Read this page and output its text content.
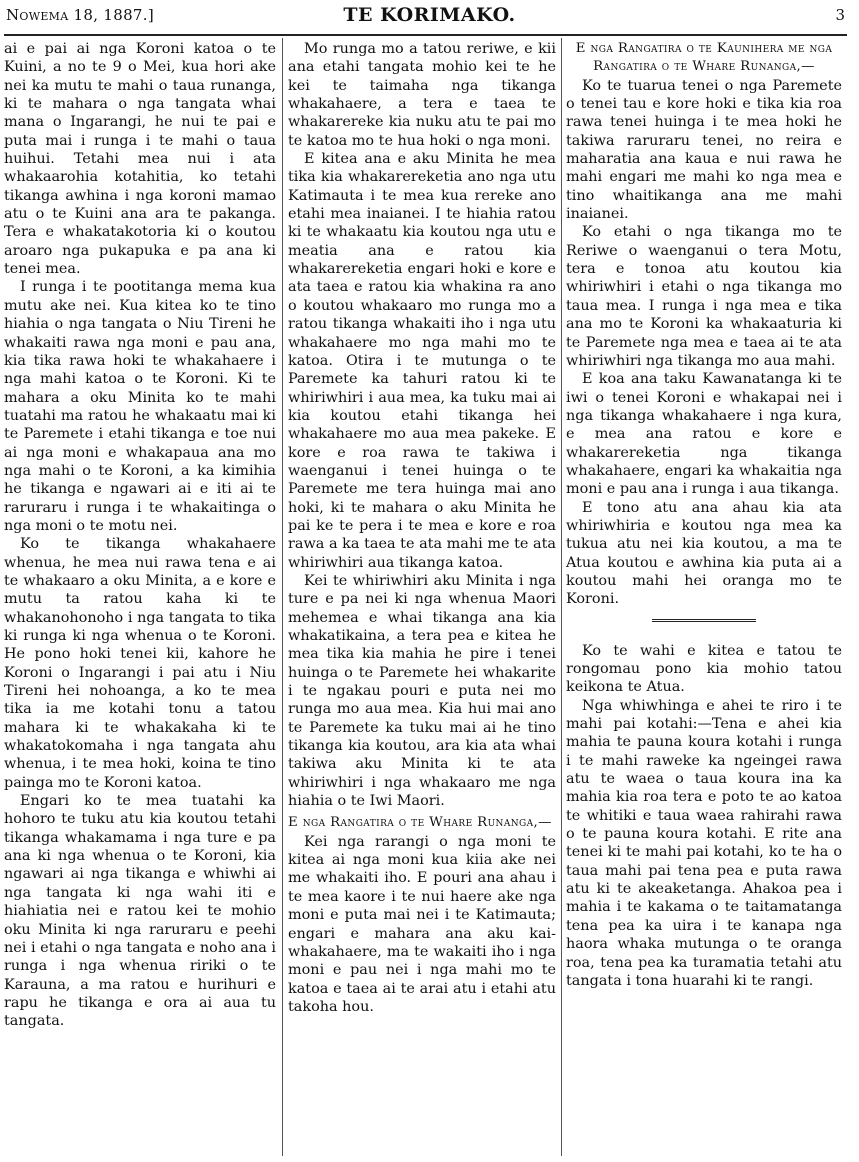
Nowema 18, 1887.]	TE KORIMAKO.	3

ai e pai ai nga Koroni katoa o te Kuini, a no te 9 o Mei, kua hori ake nei ka mutu te mahi o taua runanga, ki te mahara o nga tangata whai mana o Ingarangi, he nui te pai e puta mai i runga i te mahi o taua huihui. Tetahi mea nui i ata whakaarohia kotahitia, ko tetahi tikanga awhina i nga koroni mamao atu o te Kuini ana ara te pakanga. Tera e whakatakotoria ki o koutou aroaro nga pukapuka e pa ana ki tenei mea.

I runga i te pootitanga mema kua mutu ake nei. Kua kitea ko te tino hiahia o nga tangata o Niu Tireni he whakaiti rawa nga moni e pau ana, kia tika rawa hoki te whakahaere i nga mahi katoa o te Koroni. Ki te mahara a oku Minita ko te mahi tuatahi ma ratou he whakaatu mai ki te Paremete i etahi tikanga e toe nui ai nga moni e whakapaua ana mo nga mahi o te Koroni, a ka kimihia he tikanga e ngawari ai e iti ai te raruraru i runga i te whakaitinga o nga moni o te motu nei.

Ko te tikanga whakahaere whenua, he mea nui rawa tena e ai te whakaaro a oku Minita, a e kore e mutu ta ratou kaha ki te whakanohonoho i nga tangata to tika ki runga ki nga whenua o te Koroni. He pono hoki tenei kii, kahore he Koroni o Ingarangi i pai atu i Niu Tireni hei nohoanga, a ko te mea tika ia me kotahi tonu a tatou mahara ki te whakakaha ki te whakatokomaha i nga tangata ahu whenua, i te mea hoki, koina te tino painga mo te Koroni katoa.

Engari ko te mea tuatahi ka hohoro te tuku atu kia koutou tetahi tikanga whakamama i nga ture e pa ana ki nga whenua o te Koroni, kia ngawari ai nga tikanga e whiwhi ai nga tangata ki nga wahi iti e hiahiatia nei e ratou kei te mohio oku Minita ki nga raruraru e peehi nei i etahi o nga tangata e noho ana i runga i nga whenua ririki o te Karauna, a ma ratou e hurihuri e rapu he tikanga e ora ai aua tu tangata.

Mo runga mo a tatou reriwe, e kii ana etahi tangata mohio kei te he kei te taimaha nga tikanga whakahaere, a tera e taea te whakarereke kia nuku atu te pai mo te katoa mo te hua hoki o nga moni.

E kitea ana e aku Minita he mea tika kia whakarereketia ano nga utu Katimauta i te mea kua rereke ano etahi mea inaianei. I te hiahia ratou ki te whakaatu kia koutou nga utu e meatia ana e ratou kia whakarereketia engari hoki e kore e ata taea e ratou kia whakina ra ano o koutou whakaaro mo runga mo a ratou tikanga whakaiti iho i nga utu whakahaere mo nga mahi mo te katoa. Otira i te mutunga o te Paremete ka tahuri ratou ki te whiriwhiri i aua mea, ka tuku mai ai kia koutou etahi tikanga hei whakahaere mo aua mea pakeke. E kore e roa rawa te takiwa i waenganui i tenei huinga o te Paremete me tera huinga mai ano hoki, ki te mahara o aku Minita he pai ke te pera i te mea e kore e roa rawa a ka taea te ata mahi me te ata whiriwhiri aua tikanga katoa.

Kei te whiriwhiri aku Minita i nga ture e pa nei ki nga whenua Maori mehemea e whai tikanga ana kia whakatikaina, a tera pea e kitea he mea tika kia mahia he pire i tenei huinga o te Paremete hei whakarite i te ngakau pouri e puta nei mo runga mo aua mea. Kia hui mai ano te Paremete ka tuku mai ai he tino tikanga kia koutou, ara kia ata whai takiwa aku Minita ki te ata whiriwhiri i nga whakaaro me nga hiahia o te Iwi Maori.

E nga Rangatira o te Whare Runanga,—

Kei nga rarangi o nga moni te kitea ai nga moni kua kiia ake nei me whakaiti iho. E pouri ana ahau i te mea kaore i te nui haere ake nga moni e puta mai nei i te Katimauta; engari e mahara ana aku kai-whakahaere, ma te wakaiti iho i nga moni e pau nei i nga mahi mo te katoa e taea ai te arai atu i etahi atu takoha hou.

E nga Rangatira o te Kaunihera me nga Rangatira o te Whare Runanga,—

Ko te tuarua tenei o nga Paremete o tenei tau e kore hoki e tika kia roa rawa tenei huinga i te mea hoki he takiwa raruraru tenei, no reira e maharatia ana kaua e nui rawa he mahi engari me mahi ko nga mea e tino whaitikanga ana me mahi inaianei.

Ko etahi o nga tikanga mo te Reriwe o waenganui o tera Motu, tera e tonoa atu koutou kia whiriwhiri i etahi o nga tikanga mo taua mea. I runga i nga mea e tika ana mo te Koroni ka whakaaturia ki te Paremete nga mea e taea ai te ata whiriwhiri nga tikanga mo aua mahi.

E koa ana taku Kawanatanga ki te iwi o tenei Koroni e whakapai nei i nga tikanga whakahaere i nga kura, e mea ana ratou e kore e whakarereketia nga tikanga whakahaere, engari ka whakaitia nga moni e pau ana i runga i aua tikanga.

E tono atu ana ahau kia ata whiriwhiria e koutou nga mea ka tukua atu nei kia koutou, a ma te Atua koutou e awhina kia puta ai a koutou mahi hei oranga mo te Koroni.

Ko te wahi e kitea e tatou te rongomau pono kia mohio tatou keikona te Atua.

Nga whiwhinga e ahei te riro i te mahi pai kotahi:—Tena e ahei kia mahia te pauna koura kotahi i runga i te mahi raweke ka ngeingei rawa atu te waea o taua koura ina ka mahia kia roa tera e poto te ao katoa te whitiki e taua waea rahirahi rawa o te pauna koura kotahi. E rite ana tenei ki te mahi pai kotahi, ko te ha o taua mahi pai tena pea e puta rawa atu ki te akeaketanga. Ahakoa pea i mahia i te kakama o te taitamatanga tena pea ka uira i te kanapa nga haora whaka mutunga o te oranga roa, tena pea ka turamatia tetahi atu tangata i tona huarahi ki te rangi.
